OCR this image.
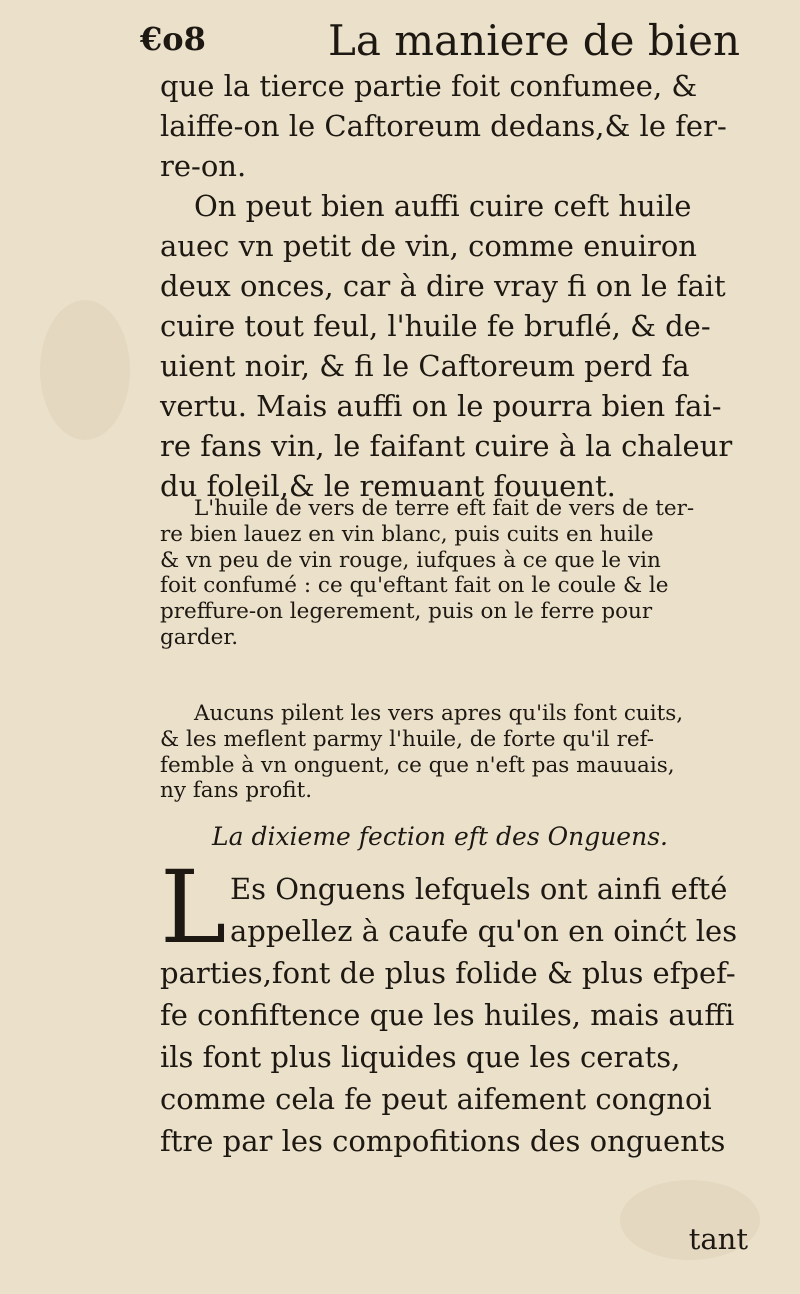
€o8	La maniere de bien
que la tierce partie foit confumee, &
laiffe-on le Caftoreum dedans,& le fer-
re-on.
On peut bien auffi cuire ceft huile
auec vn petit de vin, comme enuiron
deux onces, car à dire vray fi on le fait
cuire tout feul, l'huile fe bruflé, & de-
uient noir, & fi le Caftoreum perd fa
vertu. Mais auffi on le pourra bien fai-
re fans vin, le faifant cuire à la chaleur
du foleil,& le remuant fouuent.
L'huile de vers de terre eft fait de vers de ter-
re bien lauez en vin blanc, puis cuits en huile
& vn peu de vin rouge, iufques à ce que le vin
foit confumé : ce qu'eftant fait on le coule & le
preffure-on legerement, puis on le ferre pour
garder.
Aucuns pilent les vers apres qu'ils font cuits,
& les meflent parmy l'huile, de forte qu'il ref-
femble à vn onguent, ce que n'eft pas mauuais,
ny fans profit.
La dixieme fection eft des Onguens.
L Es Onguens lefquels ont ainfi efté
appellez à caufe qu'on en oinćt les
parties,font de plus folide & plus efpef-
fe confiftence que les huiles, mais auffi
ils font plus liquides que les cerats,
comme cela fe peut aifement congnoi
ftre par les compofitions des onguents
tant
